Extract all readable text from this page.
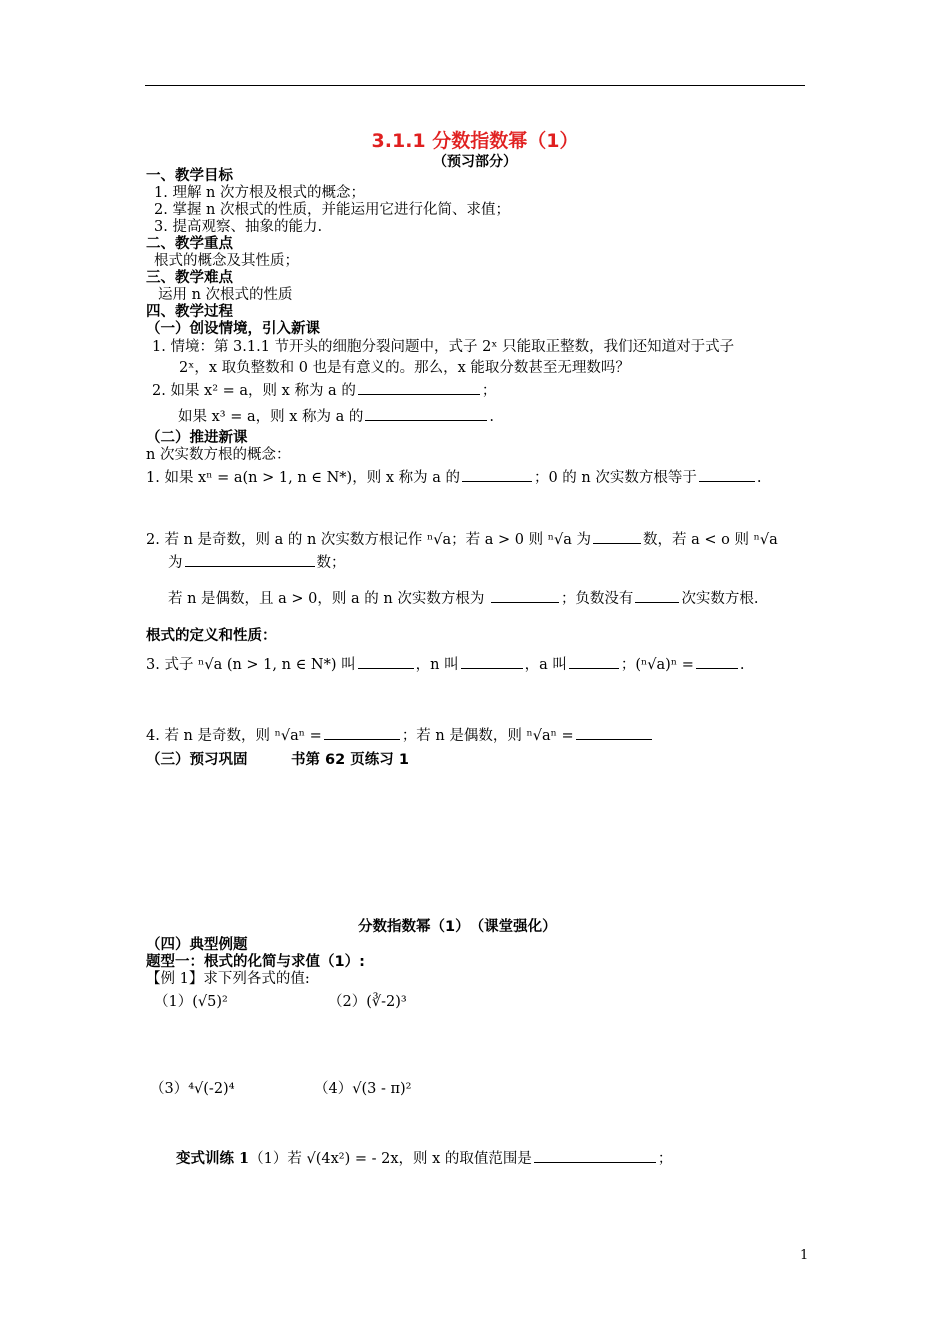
3.1.1 分数指数幂（1）
（预习部分）
一、教学目标
1. 理解 n 次方根及根式的概念；
2. 掌握 n 次根式的性质，并能运用它进行化简、求值；
3. 提高观察、抽象的能力.
二、教学重点
根式的概念及其性质；
三、教学难点
运用 n 次根式的性质
四、教学过程
（一）创设情境，引入新课
1. 情境：第 3.1.1 节开头的细胞分裂问题中，式子 2ˣ 只能取正整数，我们还知道对于式子
2ˣ，x 取负整数和 0 也是有意义的。那么，x 能取分数甚至无理数吗？
2. 如果 x² = a，则 x 称为 a 的	；
如果 x³ = a，则 x 称为 a 的	.
（二）推进新课
n 次实数方根的概念：
1. 如果 xⁿ = a(n > 1, n ∈ N*)，则 x 称为 a 的	；0 的 n 次实数方根等于	.
2. 若 n 是奇数，则 a 的 n 次实数方根记作 ⁿ√a；若 a > 0 则 ⁿ√a 为	数，若 a < o 则 ⁿ√a
为	数；
若 n 是偶数，且 a > 0，则 a 的 n 次实数方根为	；负数没有	次实数方根.
根式的定义和性质：
3. 式子 ⁿ√a (n > 1, n ∈ N*) 叫	，n 叫	，a 叫	；(ⁿ√a)ⁿ =	.
4. 若 n 是奇数，则 ⁿ√aⁿ =	；若 n 是偶数，则 ⁿ√aⁿ =
（三）预习巩固　　　书第 62 页练习 1
分数指数幂（1）　（课堂强化）
（四）典型例题
题型一：根式的化简与求值（1）:
【例 1】求下列各式的值:
（1）(√5)²	（2）(∛-2)³
（3）⁴√(-2)⁴	（4）√(3 - π)²
变式训练 1（1）若 √(4x²) = - 2x，则 x 的取值范围是	；
1
